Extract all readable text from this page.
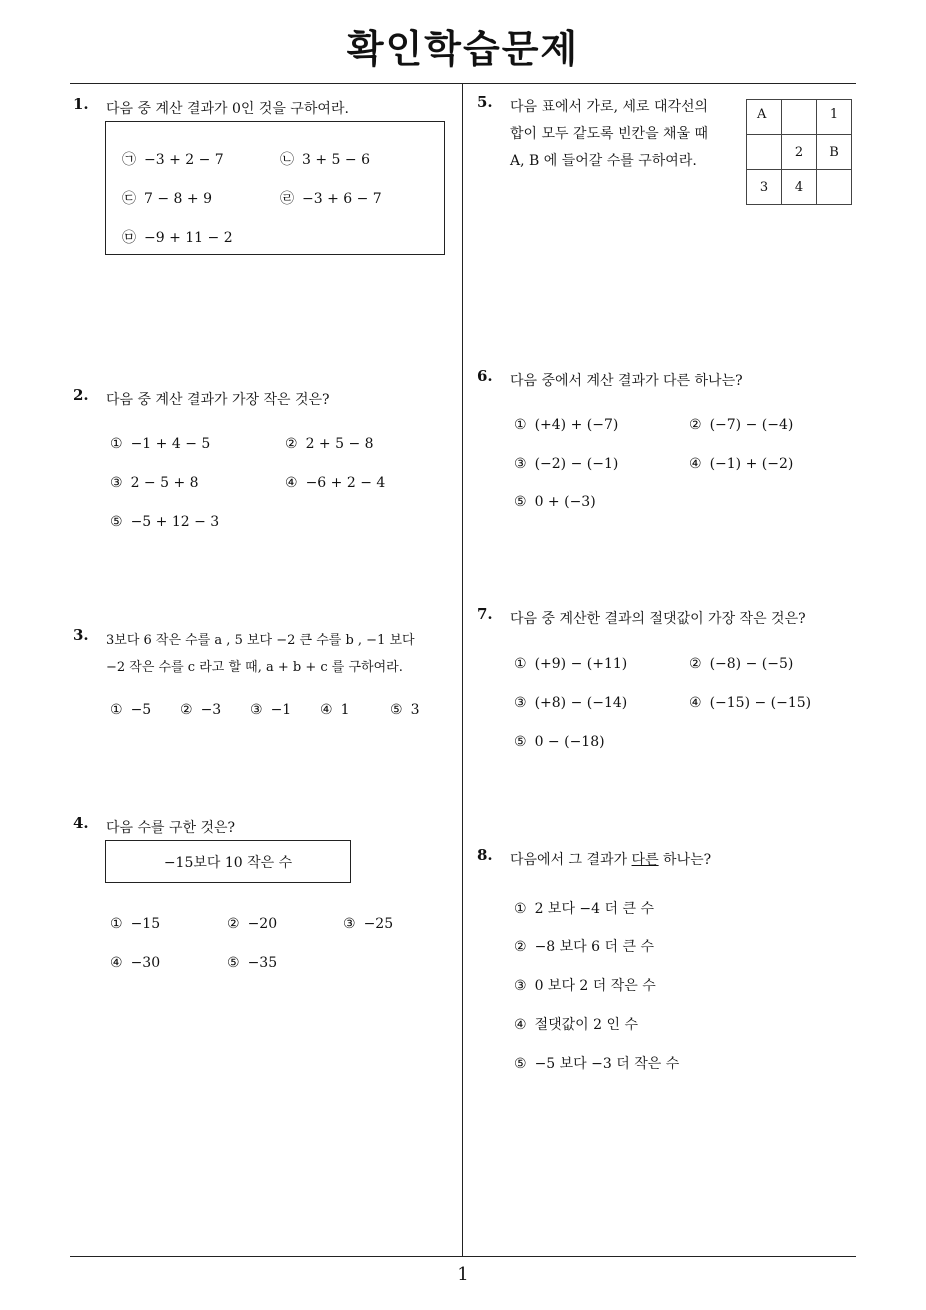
확인학습문제
1
1. 다음 중 계산 결과가 0인 것을 구하여라.
㉠ −3 + 2 − 7	㉡ 3 + 5 − 6
㉢ 7 − 8 + 9	㉣ −3 + 6 − 7
㉤ −9 + 11 − 2
2. 다음 중 계산 결과가 가장 작은 것은?
① −1 + 4 − 5	② 2 + 5 − 8
③ 2 − 5 + 8	④ −6 + 2 − 4
⑤ −5 + 12 − 3
3. 3보다 6 작은 수를 a , 5 보다 −2 큰 수를 b , −1 보다
−2 작은 수를 c 라고 할 때, a + b + c 를 구하여라.
① −5 ② −3 ③ −1 ④ 1	⑤ 3
4. 다음 수를 구한 것은?
−15보다 10 작은 수
① −15	② −20	③ −25
④ −30	⑤ −35
5. 다음 표에서 가로, 세로 대각선의
합이 모두 같도록 빈칸을 채울 때
A, B 에 들어갈 수를 구하여라.
A		1
	2	B
3	4	
6. 다음 중에서 계산 결과가 다른 하나는?
① (+4) + (−7)	② (−7) − (−4)
③ (−2) − (−1)	④ (−1) + (−2)
⑤ 0 + (−3)
7. 다음 중 계산한 결과의 절댓값이 가장 작은 것은?
① (+9) − (+11)	② (−8) − (−5)
③ (+8) − (−14)	④ (−15) − (−15)
⑤ 0 − (−18)
8. 다음에서 그 결과가 다른 하나는?
① 2 보다 −4 더 큰 수
② −8 보다 6 더 큰 수
③ 0 보다 2 더 작은 수
④ 절댓값이 2 인 수
⑤ −5 보다 −3 더 작은 수
